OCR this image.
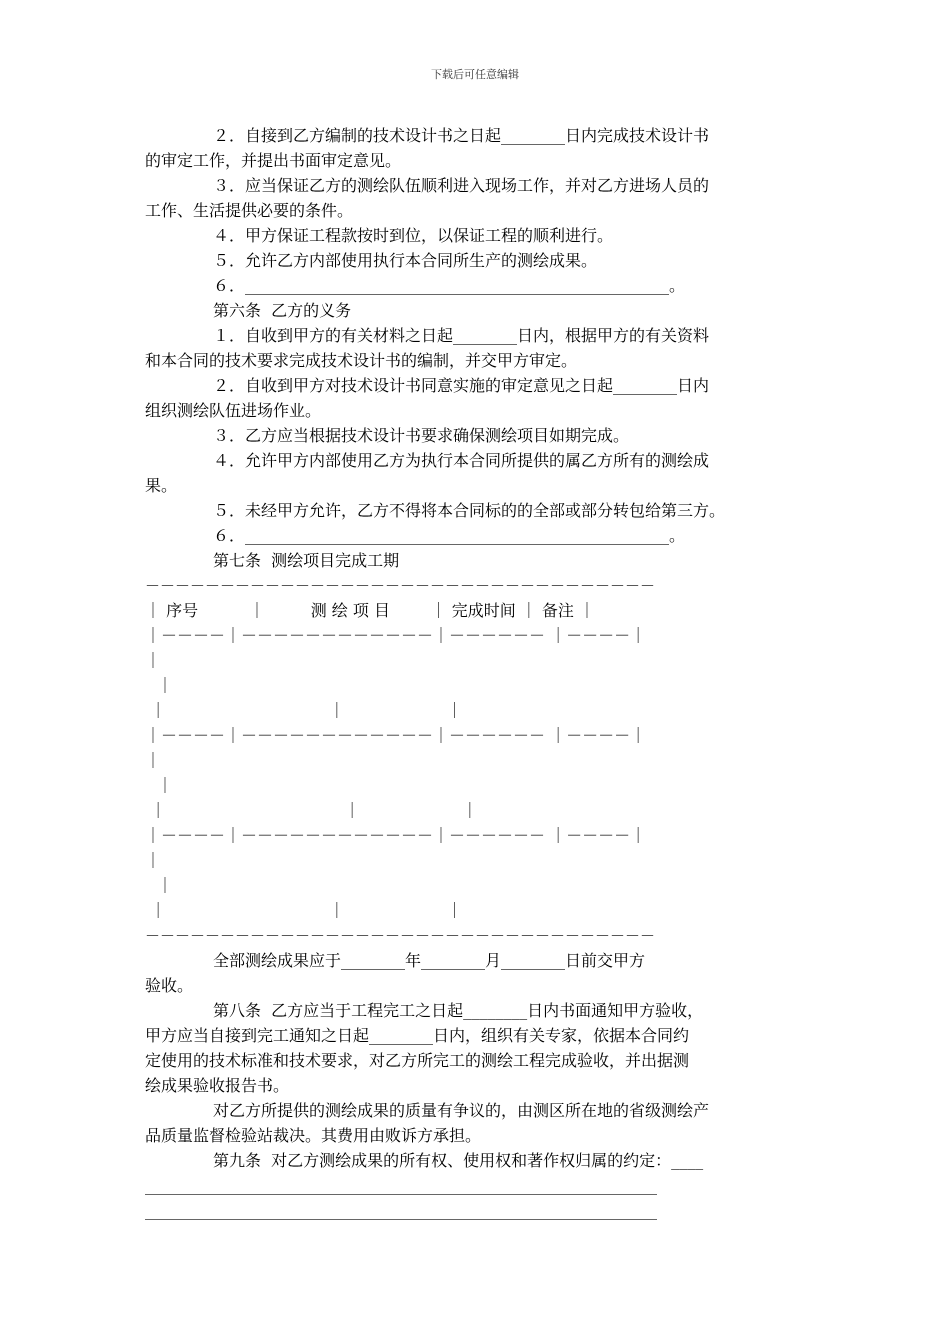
下载后可任意编辑
２．自接到乙方编制的技术设计书之日起________日内完成技术设计书
的审定工作，并提出书面审定意见。
３．应当保证乙方的测绘队伍顺利进入现场工作，并对乙方进场人员的
工作、生活提供必要的条件。
４．甲方保证工程款按时到位，以保证工程的顺利进行。
５．允许乙方内部使用执行本合同所生产的测绘成果。
６．_____________________________________________________。
第六条  乙方的义务
１．自收到甲方的有关材料之日起________日内，根据甲方的有关资料
和本合同的技术要求完成技术设计书的编制，并交甲方审定。
２．自收到甲方对技术设计书同意实施的审定意见之日起________日内
组织测绘队伍进场作业。
３．乙方应当根据技术设计书要求确保测绘项目如期完成。
４．允许甲方内部使用乙方为执行本合同所提供的属乙方所有的测绘成
果。
５．未经甲方允许，乙方不得将本合同标的的全部或部分转包给第三方。
６．_____________________________________________________。
第七条  测绘项目完成工期
－－－－－－－－－－－－－－－－－－－－－－－－－－－－－－－－－－
｜ 序号          ｜         测 绘 项 目        ｜ 完成时间 ｜ 备注 ｜
｜－－－－｜－－－－－－－－－－－－｜－－－－－－ ｜－－－－｜
｜
｜
｜                                ｜                    ｜
｜－－－－｜－－－－－－－－－－－－｜－－－－－－ ｜－－－－｜
｜
｜
｜                                   ｜                    ｜
｜－－－－｜－－－－－－－－－－－－｜－－－－－－ ｜－－－－｜
｜
｜
｜                                ｜                    ｜
－－－－－－－－－－－－－－－－－－－－－－－－－－－－－－－－－－
全部测绘成果应于________年________月________日前交甲方
验收。
第八条  乙方应当于工程完工之日起________日内书面通知甲方验收，
甲方应当自接到完工通知之日起________日内，组织有关专家，依据本合同约
定使用的技术标准和技术要求，对乙方所完工的测绘工程完成验收，并出据测
绘成果验收报告书。
对乙方所提供的测绘成果的质量有争议的，由测区所在地的省级测绘产
品质量监督检验站裁决。其费用由败诉方承担。
第九条  对乙方测绘成果的所有权、使用权和著作权归属的约定：____
________________________________________________________________
________________________________________________________________
